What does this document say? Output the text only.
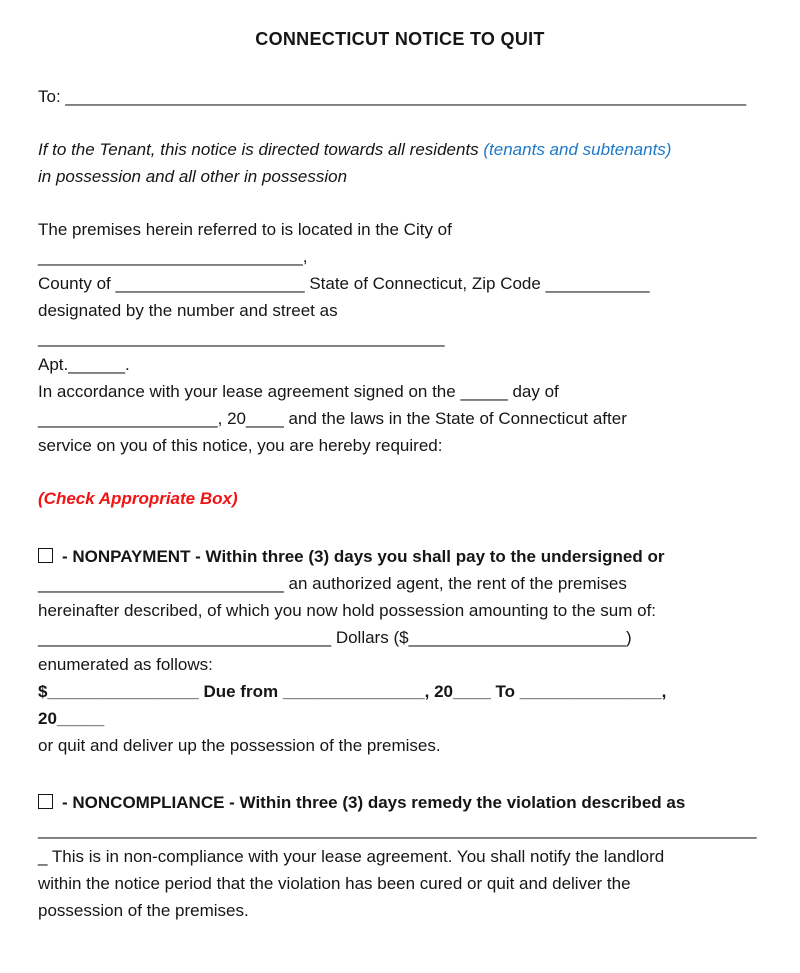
CONNECTICUT NOTICE TO QUIT
To: ________________________________________________________________________
If to the Tenant, this notice is directed towards all residents (tenants and subtenants)
in possession and all other in possession
The premises herein referred to is located in the City of
____________________________,
County of ____________________ State of Connecticut, Zip Code ___________
designated by the number and street as
___________________________________________
Apt.______.
In accordance with your lease agreement signed on the _____ day of
___________________, 20____ and the laws in the State of Connecticut after
service on you of this notice, you are hereby required:
(Check Appropriate Box)
- NONPAYMENT - Within three (3) days you shall pay to the undersigned or
__________________________ an authorized agent, the rent of the premises
hereinafter described, of which you now hold possession amounting to the sum of:
_______________________________ Dollars ($_______________________)
enumerated as follows:
$________________ Due from _______________, 20____ To _______________,
20_____
or quit and deliver up the possession of the premises.
- NONCOMPLIANCE - Within three (3) days remedy the violation described as
____________________________________________________________________________
_ This is in non-compliance with your lease agreement. You shall notify the landlord
within the notice period that the violation has been cured or quit and deliver the
possession of the premises.
